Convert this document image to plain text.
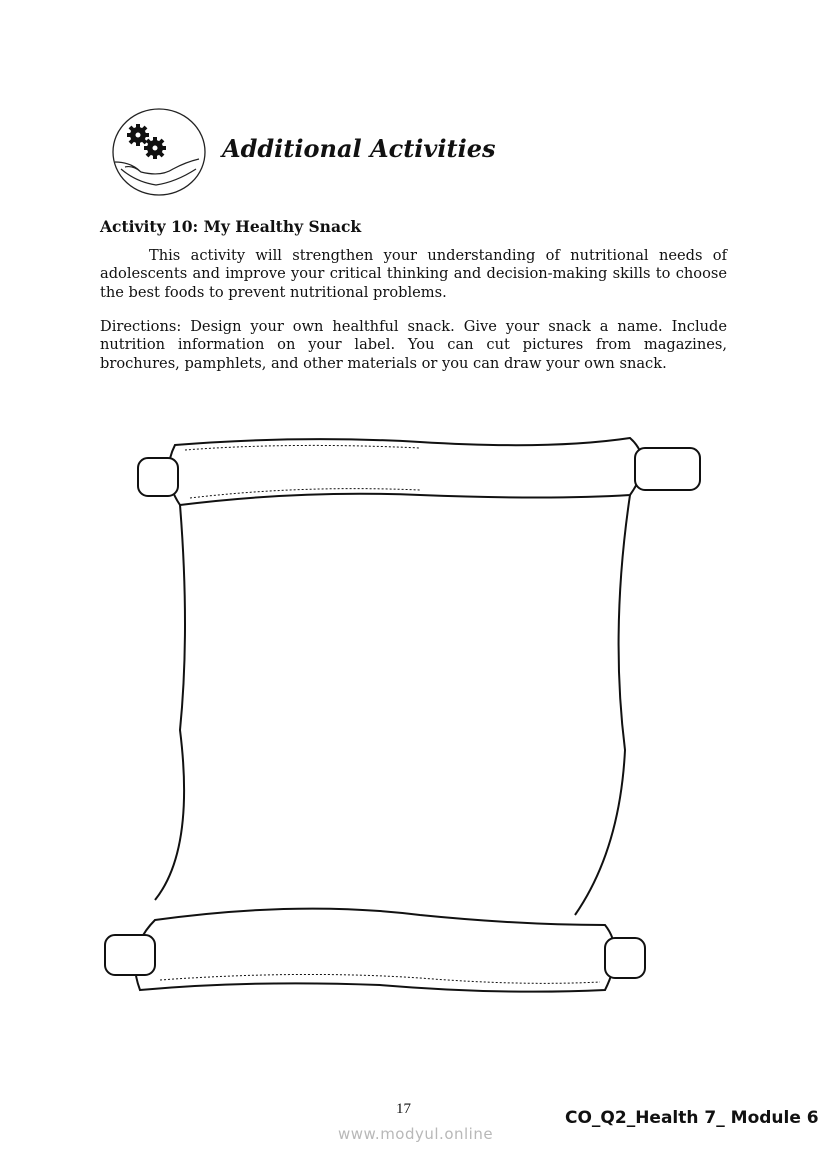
Additional Activities
Activity 10: My Healthy Snack

This activity will strengthen your understanding of nutritional needs of adolescents and improve your critical thinking and decision-making skills to choose the best foods to prevent nutritional problems.

Directions: Design your own healthful snack. Give your snack a name. Include nutrition information on your label. You can cut pictures from magazines, brochures, pamphlets, and other materials or you can draw your own snack.

17
www.modyul.online
CO_Q2_Health 7_ Module 6
